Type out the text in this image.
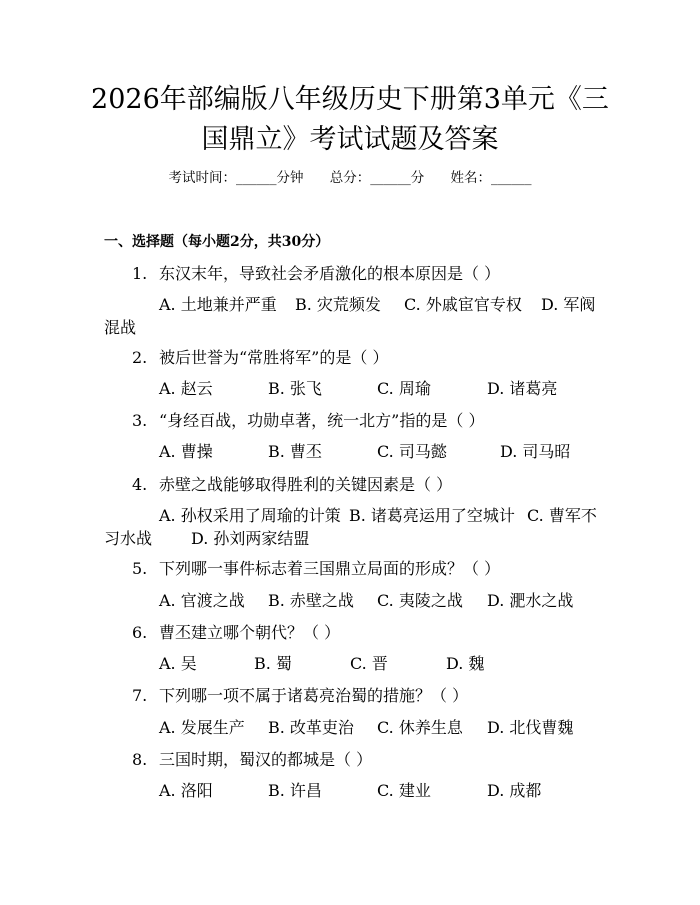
2026年部编版八年级历史下册第3单元《三
国鼎立》考试试题及答案
考试时间：______分钟 总分：______分 姓名：______
一、选择题（每小题2分，共30分）
1. 东汉末年，导致社会矛盾激化的根本原因是（ ）
A. 土地兼并严重 B. 灾荒频发 C. 外戚宦官专权 D. 军阀
混战
2. 被后世誉为“常胜将军”的是（ ）
A. 赵云	B. 张飞	C. 周瑜	D. 诸葛亮
3. “身经百战，功勋卓著，统一北方”指的是（ ）
A. 曹操	B. 曹丕	C. 司马懿	D. 司马昭
4. 赤壁之战能够取得胜利的关键因素是（ ）
A. 孙权采用了周瑜的计策 B. 诸葛亮运用了空城计 C. 曹军不
习水战 D. 孙刘两家结盟
5. 下列哪一事件标志着三国鼎立局面的形成？（ ）
A. 官渡之战 B. 赤壁之战 C. 夷陵之战 D. 淝水之战
6. 曹丕建立哪个朝代？（ ）
A. 吴	B. 蜀	C. 晋	D. 魏
7. 下列哪一项不属于诸葛亮治蜀的措施？（ ）
A. 发展生产 B. 改革吏治 C. 休养生息 D. 北伐曹魏
8. 三国时期，蜀汉的都城是（ ）
A. 洛阳	B. 许昌	C. 建业	D. 成都
